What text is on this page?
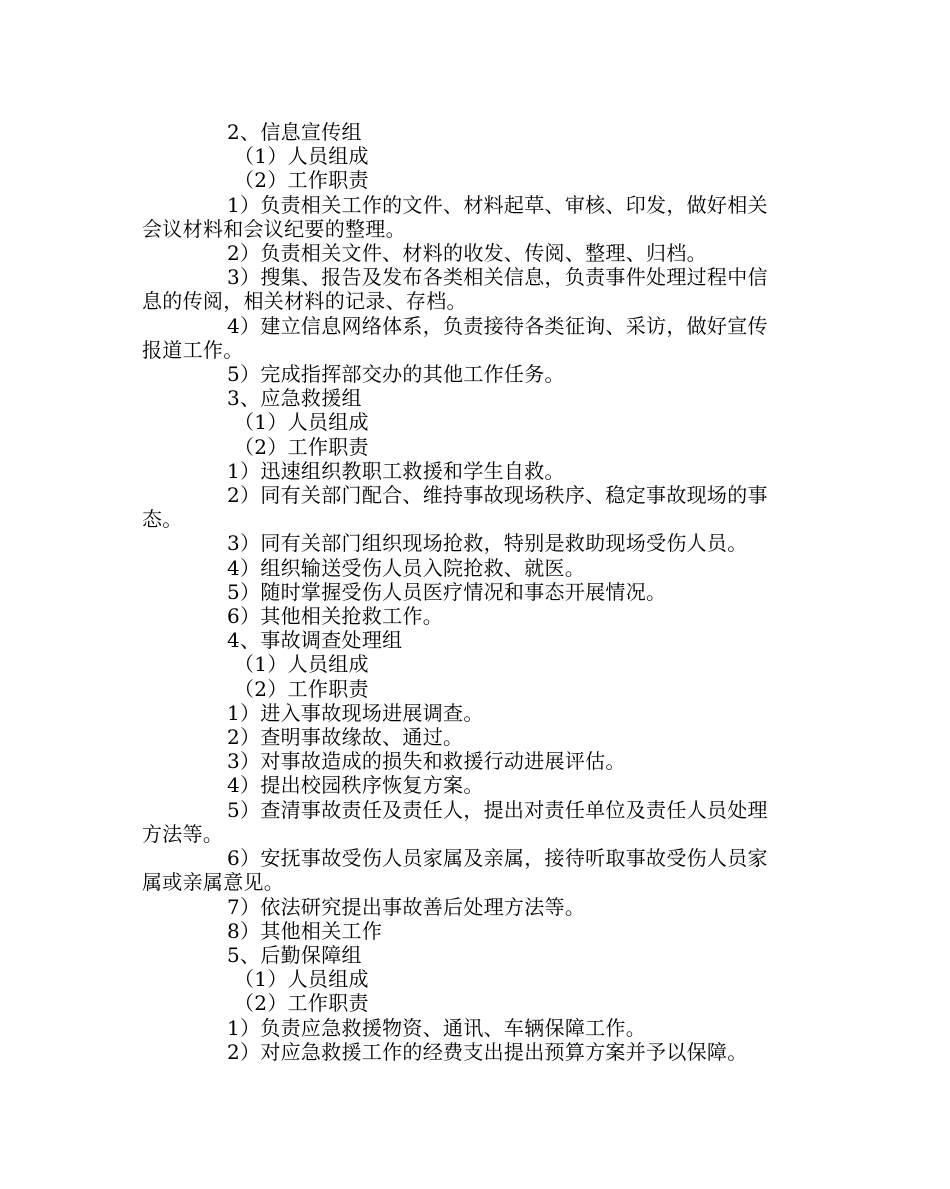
2、信息宣传组
（1）人员组成
（2）工作职责
1）负责相关工作的文件、材料起草、审核、印发，做好相关
会议材料和会议纪要的整理。
2）负责相关文件、材料的收发、传阅、整理、归档。
3）搜集、报告及发布各类相关信息，负责事件处理过程中信
息的传阅，相关材料的记录、存档。
4）建立信息网络体系，负责接待各类征询、采访，做好宣传
报道工作。
5）完成指挥部交办的其他工作任务。
3、应急救援组
（1）人员组成
（2）工作职责
1）迅速组织教职工救援和学生自救。
2）同有关部门配合、维持事故现场秩序、稳定事故现场的事
态。
3）同有关部门组织现场抢救，特别是救助现场受伤人员。
4）组织输送受伤人员入院抢救、就医。
5）随时掌握受伤人员医疗情况和事态开展情况。
6）其他相关抢救工作。
4、事故调查处理组
（1）人员组成
（2）工作职责
1）进入事故现场进展调查。
2）查明事故缘故、通过。
3）对事故造成的损失和救援行动进展评估。
4）提出校园秩序恢复方案。
5）查清事故责任及责任人，提出对责任单位及责任人员处理
方法等。
6）安抚事故受伤人员家属及亲属，接待听取事故受伤人员家
属或亲属意见。
7）依法研究提出事故善后处理方法等。
8）其他相关工作
5、后勤保障组
（1）人员组成
（2）工作职责
1）负责应急救援物资、通讯、车辆保障工作。
2）对应急救援工作的经费支出提出预算方案并予以保障。
